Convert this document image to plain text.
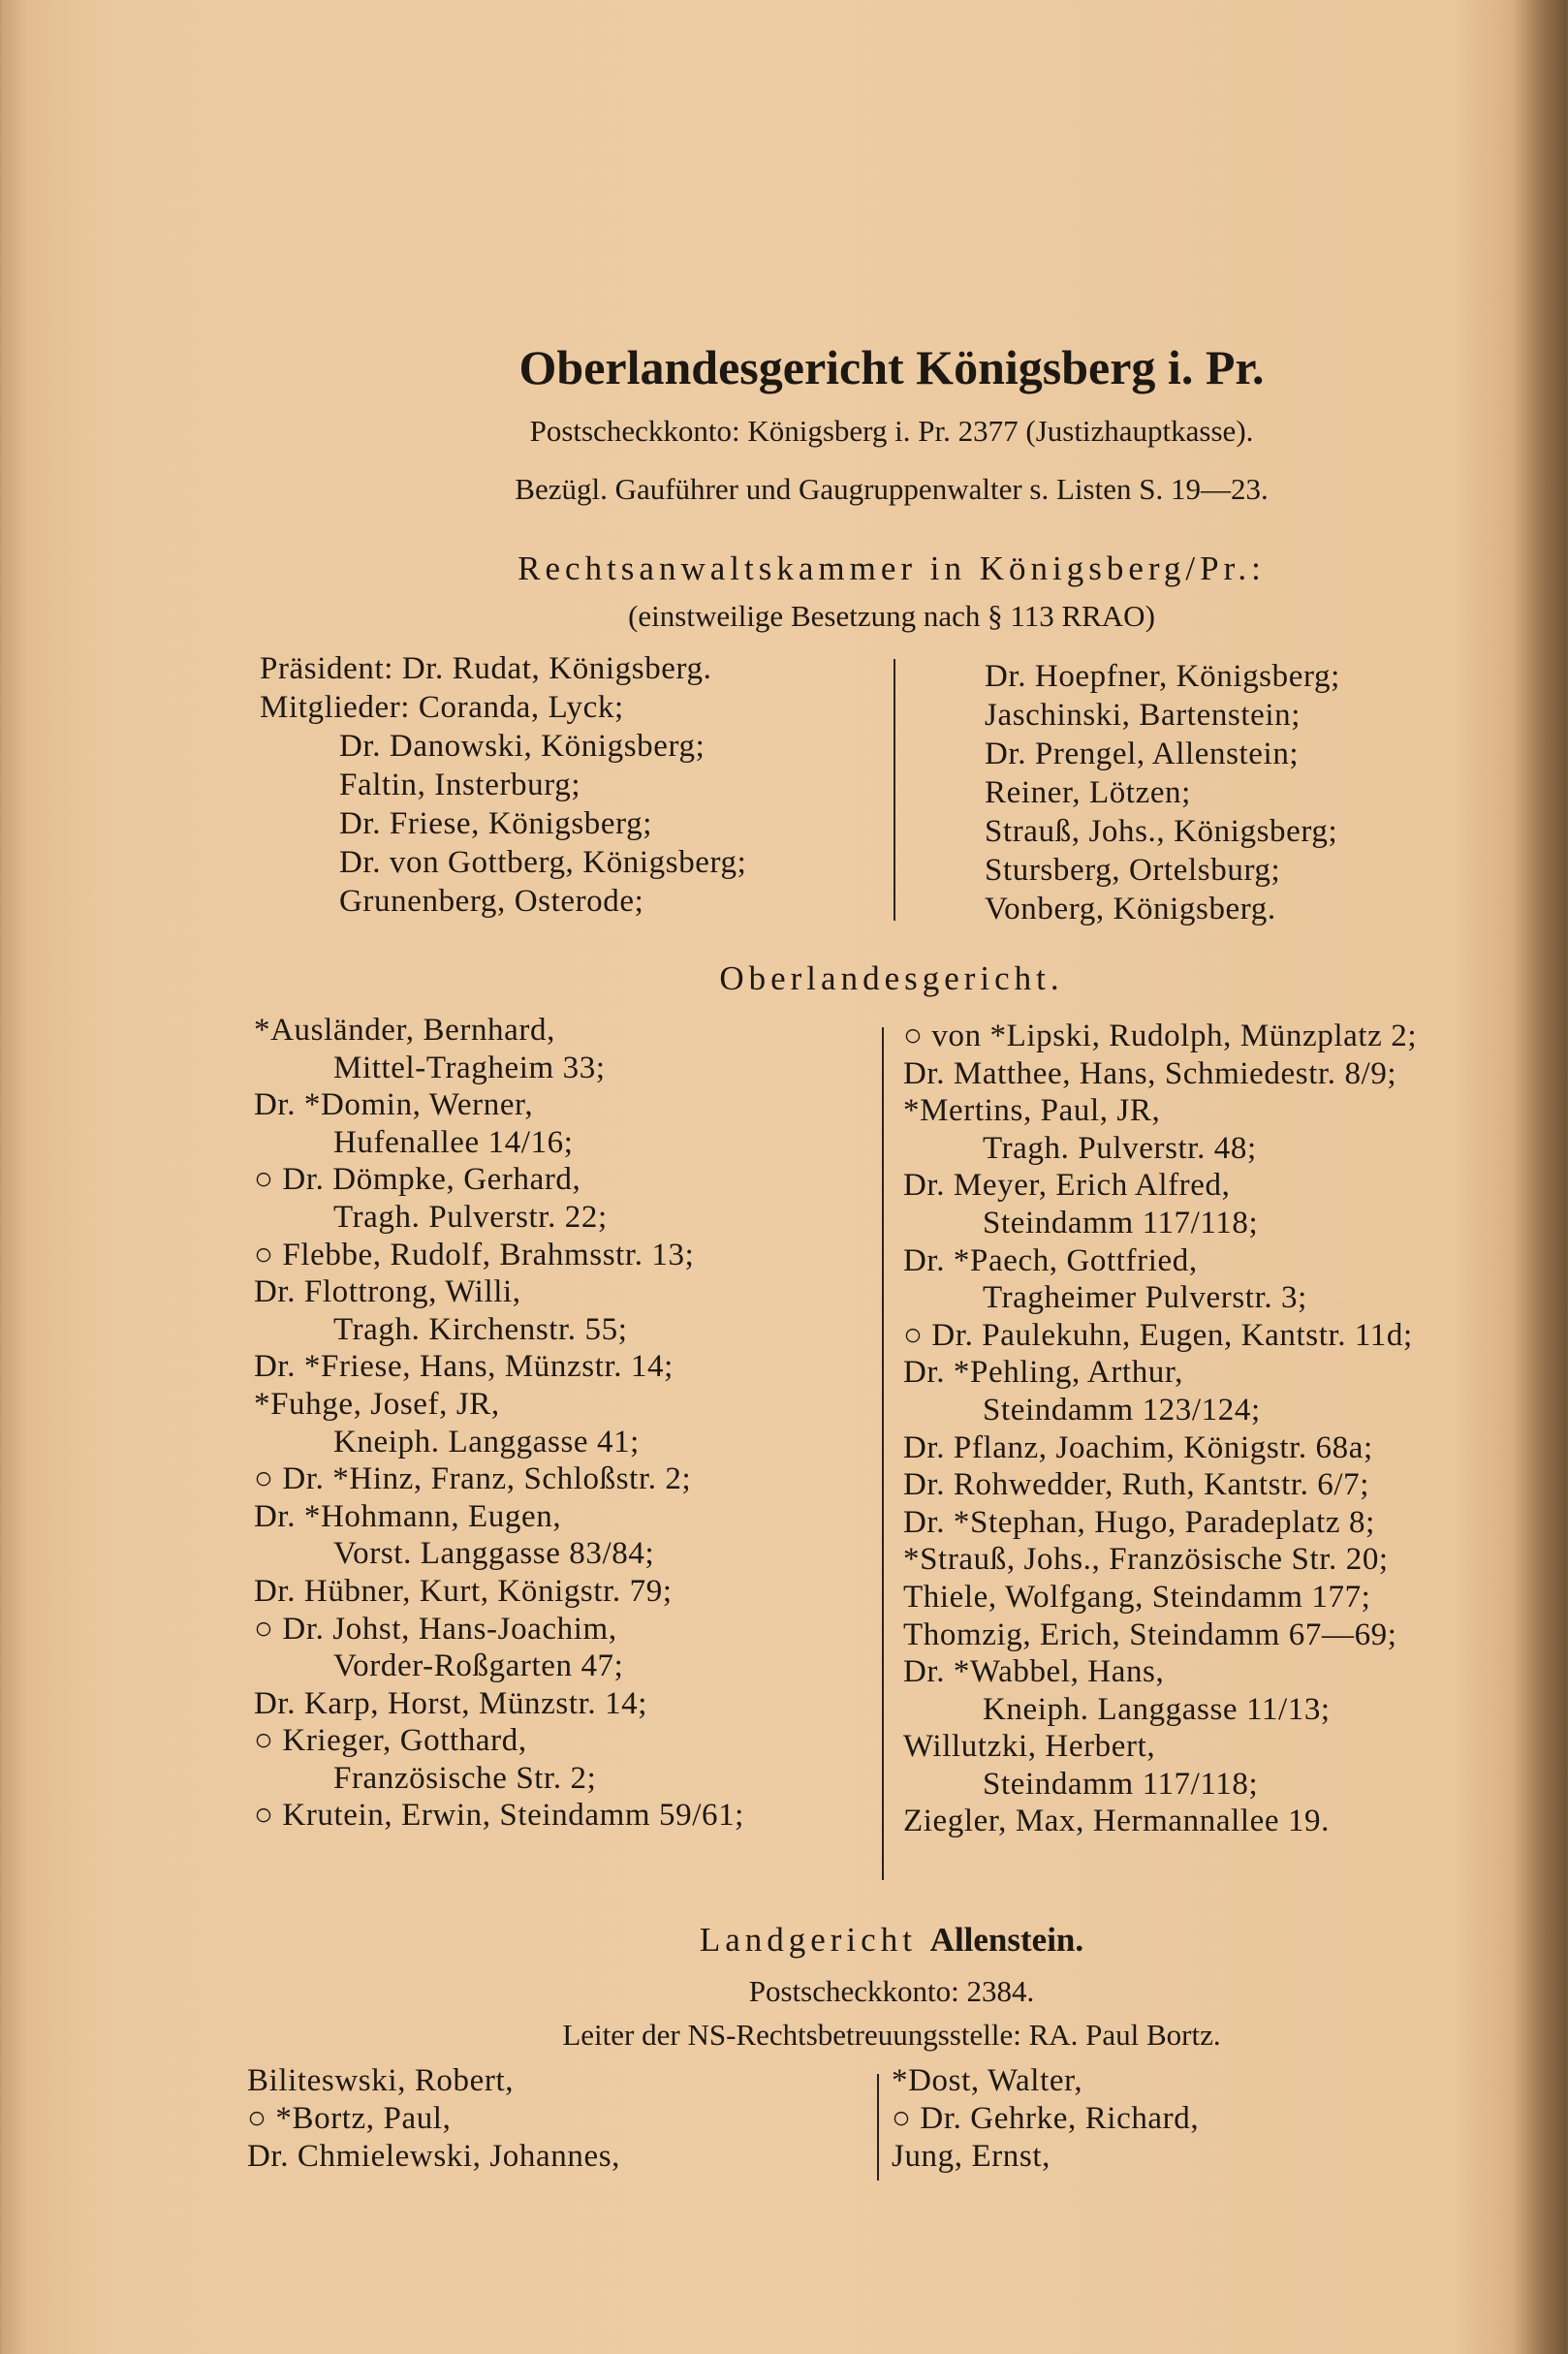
Oberlandesgericht Königsberg i. Pr.
Postscheckkonto: Königsberg i. Pr. 2377 (Justizhauptkasse).
Bezügl. Gauführer und Gaugruppenwalter s. Listen S. 19—23.
Rechtsanwaltskammer in Königsberg/Pr.:
(einstweilige Besetzung nach § 113 RRAO)
Präsident: Dr. Rudat, Königsberg.
Mitglieder: Coranda, Lyck;
Dr. Danowski, Königsberg;
Faltin, Insterburg;
Dr. Friese, Königsberg;
Dr. von Gottberg, Königsberg;
Grunenberg, Osterode;
Dr. Hoepfner, Königsberg;
Jaschinski, Bartenstein;
Dr. Prengel, Allenstein;
Reiner, Lötzen;
Strauß, Johs., Königsberg;
Stursberg, Ortelsburg;
Vonberg, Königsberg.
Oberlandesgericht.
*Ausländer, Bernhard,
Mittel-Tragheim 33;
Dr. *Domin, Werner,
Hufenallee 14/16;
○ Dr. Dömpke, Gerhard,
Tragh. Pulverstr. 22;
○ Flebbe, Rudolf, Brahmsstr. 13;
Dr. Flottrong, Willi,
Tragh. Kirchenstr. 55;
Dr. *Friese, Hans, Münzstr. 14;
*Fuhge, Josef, JR,
Kneiph. Langgasse 41;
○ Dr. *Hinz, Franz, Schloßstr. 2;
Dr. *Hohmann, Eugen,
Vorst. Langgasse 83/84;
Dr. Hübner, Kurt, Königstr. 79;
○ Dr. Johst, Hans-Joachim,
Vorder-Roßgarten 47;
Dr. Karp, Horst, Münzstr. 14;
○ Krieger, Gotthard,
Französische Str. 2;
○ Krutein, Erwin, Steindamm 59/61;
○ von *Lipski, Rudolph, Münzplatz 2;
Dr. Matthee, Hans, Schmiedestr. 8/9;
*Mertins, Paul, JR,
Tragh. Pulverstr. 48;
Dr. Meyer, Erich Alfred,
Steindamm 117/118;
Dr. *Paech, Gottfried,
Tragheimer Pulverstr. 3;
○ Dr. Paulekuhn, Eugen, Kantstr. 11d;
Dr. *Pehling, Arthur,
Steindamm 123/124;
Dr. Pflanz, Joachim, Königstr. 68a;
Dr. Rohwedder, Ruth, Kantstr. 6/7;
Dr. *Stephan, Hugo, Paradeplatz 8;
*Strauß, Johs., Französische Str. 20;
Thiele, Wolfgang, Steindamm 177;
Thomzig, Erich, Steindamm 67—69;
Dr. *Wabbel, Hans,
Kneiph. Langgasse 11/13;
Willutzki, Herbert,
Steindamm 117/118;
Ziegler, Max, Hermannallee 19.
Landgericht Allenstein.
Postscheckkonto: 2384.
Leiter der NS-Rechtsbetreuungsstelle: RA. Paul Bortz.
Biliteswski, Robert,
○ *Bortz, Paul,
Dr. Chmielewski, Johannes,
*Dost, Walter,
○ Dr. Gehrke, Richard,
Jung, Ernst,
